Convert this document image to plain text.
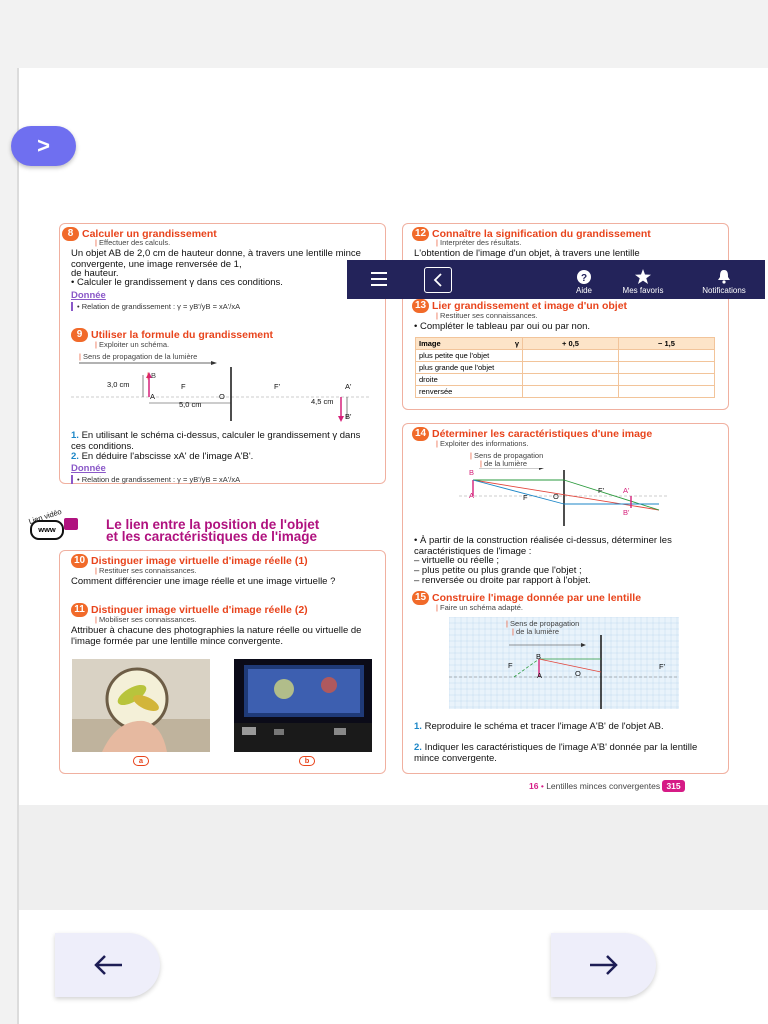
>
8 Calculer un grandissement
| Effectuer des calculs.
Un objet AB de 2,0 cm de hauteur donne, à travers une lentille mince convergente, une image renversée de 1,
de hauteur.
• Calculer le grandissement γ dans ces conditions.
Donnée
• Relation de grandissement : γ = yB'/yB = xA'/xA
9 Utiliser la formule du grandissement
| Exploiter un schéma.
| Sens de propagation de la lumière
| B
3,0 cm	F	F'	A'
A	O
5,0 cm	4,5 cm
B'
1. En utilisant le schéma ci-dessus, calculer le grandissement γ dans ces conditions.
2. En déduire l'abscisse xA' de l'image A'B'.
Donnée
• Relation de grandissement : γ = yB'/yB = xA'/xA
Lien vidéo
www	Le lien entre la position de l'objet
et les caractéristiques de l'image
10 Distinguer image virtuelle d'image réelle (1)
| Restituer ses connaissances.
Comment différencier une image réelle et une image virtuelle ?
11 Distinguer image virtuelle d'image réelle (2)
| Mobiliser ses connaissances.
Attribuer à chacune des photographies la nature réelle ou virtuelle de l'image formée par une lentille mince convergente.
a	b
12 Connaître la signification du grandissement
| Interpréter des résultats.
L'obtention de l'image d'un objet, à travers une lentille
13 Lier grandissement et image d'un objet
| Restituer ses connaissances.
• Compléter le tableau par oui ou par non.
Image γ	+ 0,5	− 1,5
plus petite que l'objet		
plus grande que l'objet		
droite		
renversée		
14 Déterminer les caractéristiques d'une image
| Exploiter des informations.
| Sens de propagation
| de la lumière
B
A	F	O
F'	A'
B'
• À partir de la construction réalisée ci-dessus, déterminer les caractéristiques de l'image :
– virtuelle ou réelle ;
– plus petite ou plus grande que l'objet ;
– renversée ou droite par rapport à l'objet.
15 Construire l'image donnée par une lentille
| Faire un schéma adapté.
| Sens de propagation
| de la lumière
F
B
A	O
F'
1. Reproduire le schéma et tracer l'image A'B' de l'objet AB.
2. Indiquer les caractéristiques de l'image A'B' donnée par la lentille mince convergente.
16 • Lentilles minces convergentes 315
?
Aide	Mes favoris	Notifications
